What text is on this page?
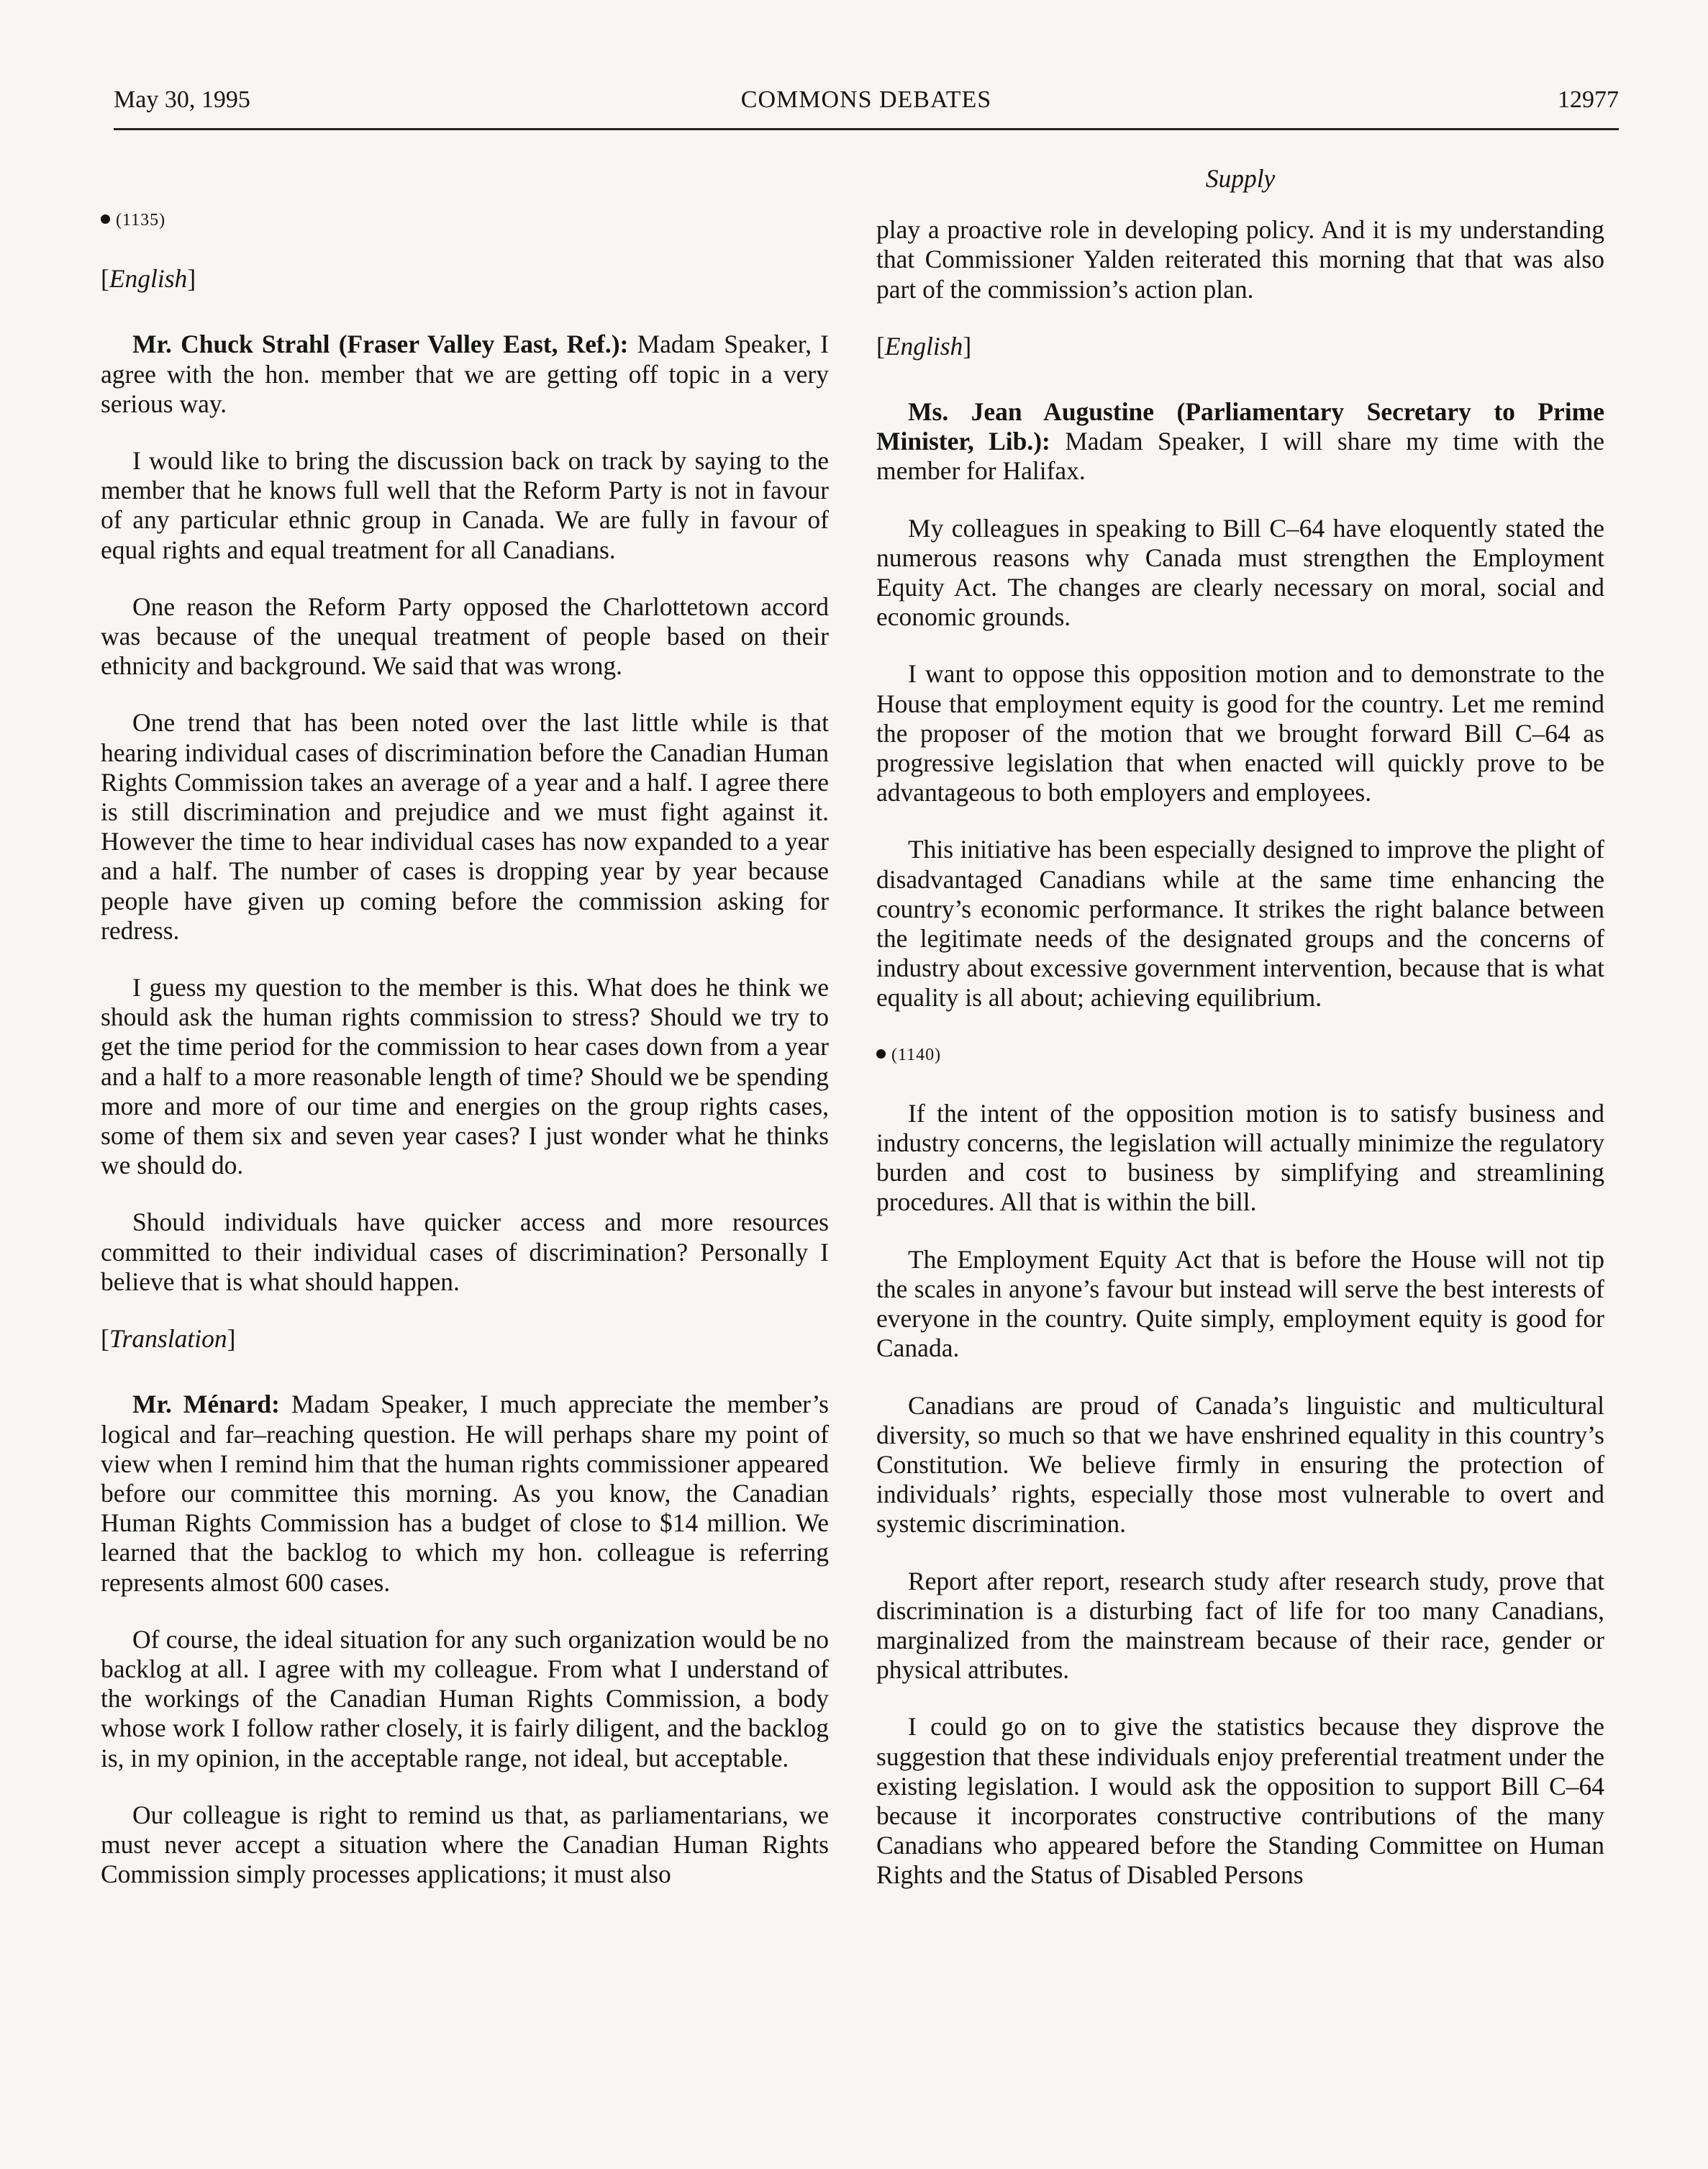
May 30, 1995	COMMONS DEBATES	12977
(1135)
[English]

Mr. Chuck Strahl (Fraser Valley East, Ref.): Madam Speaker, I agree with the hon. member that we are getting off topic in a very serious way.

I would like to bring the discussion back on track by saying to the member that he knows full well that the Reform Party is not in favour of any particular ethnic group in Canada. We are fully in favour of equal rights and equal treatment for all Canadians.

One reason the Reform Party opposed the Charlottetown accord was because of the unequal treatment of people based on their ethnicity and background. We said that was wrong.

One trend that has been noted over the last little while is that hearing individual cases of discrimination before the Canadian Human Rights Commission takes an average of a year and a half. I agree there is still discrimination and prejudice and we must fight against it. However the time to hear individual cases has now expanded to a year and a half. The number of cases is dropping year by year because people have given up coming before the commission asking for redress.

I guess my question to the member is this. What does he think we should ask the human rights commission to stress? Should we try to get the time period for the commission to hear cases down from a year and a half to a more reasonable length of time? Should we be spending more and more of our time and energies on the group rights cases, some of them six and seven year cases? I just wonder what he thinks we should do.

Should individuals have quicker access and more resources committed to their individual cases of discrimination? Personally I believe that is what should happen.

[Translation]

Mr. Ménard: Madam Speaker, I much appreciate the member’s logical and far–reaching question. He will perhaps share my point of view when I remind him that the human rights commissioner appeared before our committee this morning. As you know, the Canadian Human Rights Commission has a budget of close to $14 million. We learned that the backlog to which my hon. colleague is referring represents almost 600 cases.

Of course, the ideal situation for any such organization would be no backlog at all. I agree with my colleague. From what I understand of the workings of the Canadian Human Rights Commission, a body whose work I follow rather closely, it is fairly diligent, and the backlog is, in my opinion, in the acceptable range, not ideal, but acceptable.

Our colleague is right to remind us that, as parliamentarians, we must never accept a situation where the Canadian Human Rights Commission simply processes applications; it must also

Supply

play a proactive role in developing policy. And it is my understanding that Commissioner Yalden reiterated this morning that that was also part of the commission’s action plan.

[English]

Ms. Jean Augustine (Parliamentary Secretary to Prime Minister, Lib.): Madam Speaker, I will share my time with the member for Halifax.

My colleagues in speaking to Bill C–64 have eloquently stated the numerous reasons why Canada must strengthen the Employment Equity Act. The changes are clearly necessary on moral, social and economic grounds.

I want to oppose this opposition motion and to demonstrate to the House that employment equity is good for the country. Let me remind the proposer of the motion that we brought forward Bill C–64 as progressive legislation that when enacted will quickly prove to be advantageous to both employers and employees.

This initiative has been especially designed to improve the plight of disadvantaged Canadians while at the same time enhancing the country’s economic performance. It strikes the right balance between the legitimate needs of the designated groups and the concerns of industry about excessive government intervention, because that is what equality is all about; achieving equilibrium.

(1140)

If the intent of the opposition motion is to satisfy business and industry concerns, the legislation will actually minimize the regulatory burden and cost to business by simplifying and streamlining procedures. All that is within the bill.

The Employment Equity Act that is before the House will not tip the scales in anyone’s favour but instead will serve the best interests of everyone in the country. Quite simply, employment equity is good for Canada.

Canadians are proud of Canada’s linguistic and multicultural diversity, so much so that we have enshrined equality in this country’s Constitution. We believe firmly in ensuring the protection of individuals’ rights, especially those most vulnerable to overt and systemic discrimination.

Report after report, research study after research study, prove that discrimination is a disturbing fact of life for too many Canadians, marginalized from the mainstream because of their race, gender or physical attributes.

I could go on to give the statistics because they disprove the suggestion that these individuals enjoy preferential treatment under the existing legislation. I would ask the opposition to support Bill C–64 because it incorporates constructive contributions of the many Canadians who appeared before the Standing Committee on Human Rights and the Status of Disabled Persons
